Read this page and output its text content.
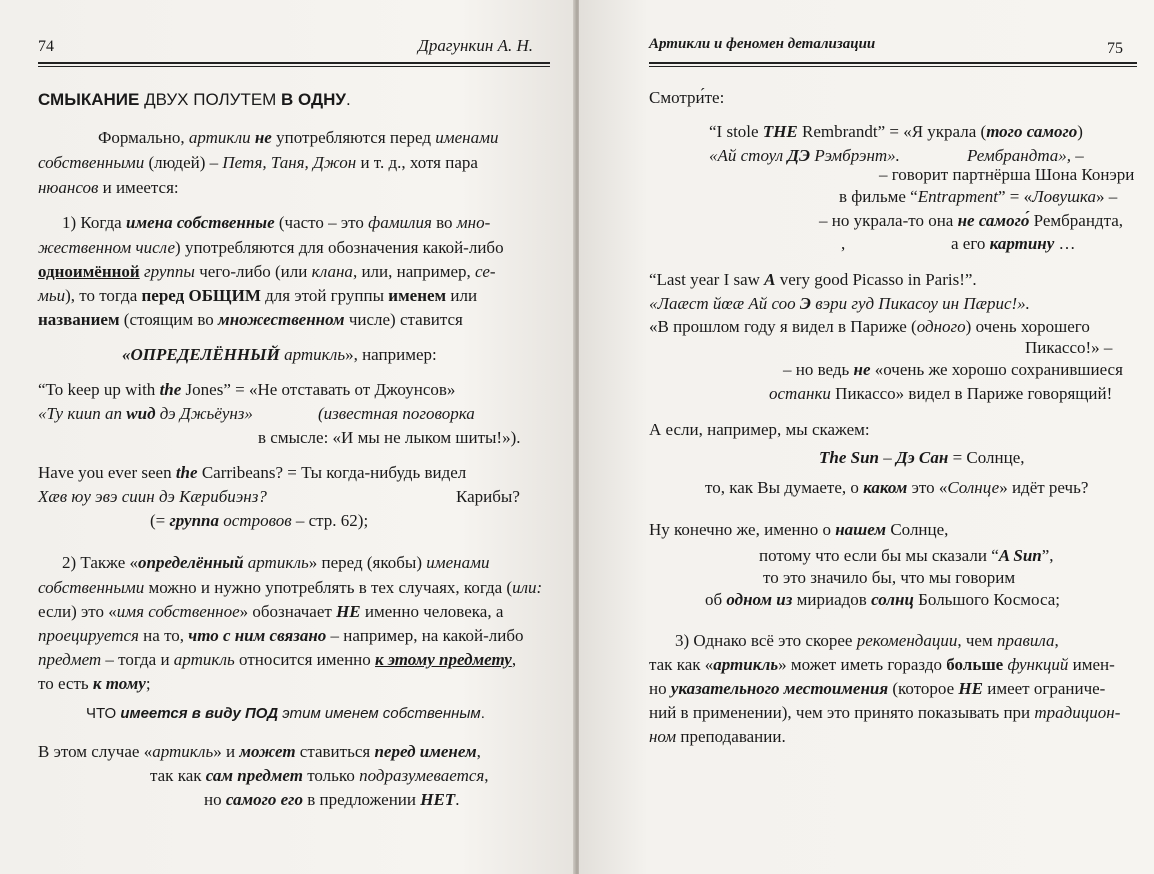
74	Драгункин А. Н.
СМЫКАНИЕ ДВУХ ПОЛУТЕМ В ОДНУ.
Формально, артикли не употребляются перед именами
собственными (людей) – Петя, Таня, Джон и т. д., хотя пара
нюансов и имеется:
1) Когда имена собственные (часто – это фамилия во мно-
жественном числе) употребляются для обозначения какой-либо
одноимённой группы чего-либо (или клана, или, например, се-
мьи), то тогда перед ОБЩИМ для этой группы именем или
названием (стоящим во множественном числе) ставится
«ОПРЕДЕЛЁННЫЙ артикль», например:
“To keep up with the Jones” = «Не отставать от Джоунсов»
«Ту киип ап wид дэ Джьёунз»	(известная поговорка
в смысле: «И мы не лыком шиты!»).
Have you ever seen the Carribeans? = Ты когда-нибудь видел
Хæв юу эвэ сиин дэ Кæрибиэнз?	Карибы?
(= группа островов – стр. 62);
2) Также «определённый артикль» перед (якобы) именами
собственными можно и нужно употреблять в тех случаях, когда (или:
если) это «имя собственное» обозначает НЕ именно человека, а
проецируется на то, что с ним связано – например, на какой-либо
предмет – тогда и артикль относится именно к этому предмету,
то есть к тому;
ЧТО имеется в виду ПОД этим именем собственным.
В этом случае «артикль» и может ставиться перед именем,
так как сам предмет только подразумевается,
но самого его в предложении НЕТ.
Артикли и феномен детализации	75
Смотри́те:
“I stole THE Rembrandt” = «Я украла (того самого)
«Ай стоул ДЭ Рэмбрэнт».	Рембрандта», –
– говорит партнёрша Шона Конэри
в фильме “Entrapment” = «Ловушка» –
– но украла-то она не самого́ Рембрандта,
,	а его картину …
“Last year I saw A very good Picasso in Paris!”.
«Лаæст йœæ Ай соо Э вэри гуд Пикасоу ин Пæрис!».
«В прошлом году я видел в Париже (одного) очень хорошего
Пикассо!» –
– но ведь не «очень же хорошо сохранившиеся
останки Пикассо» видел в Париже говорящий!
А если, например, мы скажем:
The Sun – Дэ Сан = Солнце,
то, как Вы думаете, о каком это «Солнце» идёт речь?
Ну конечно же, именно о нашем Солнце,
потому что если бы мы сказали “A Sun”,
то это значило бы, что мы говорим
об одном из мириадов солнц Большого Космоса;
3) Однако всё это скорее рекомендации, чем правила,
так как «артикль» может иметь гораздо больше функций имен-
но указательного местоимения (которое НЕ имеет ограниче-
ний в применении), чем это принято показывать при традицион-
ном преподавании.
